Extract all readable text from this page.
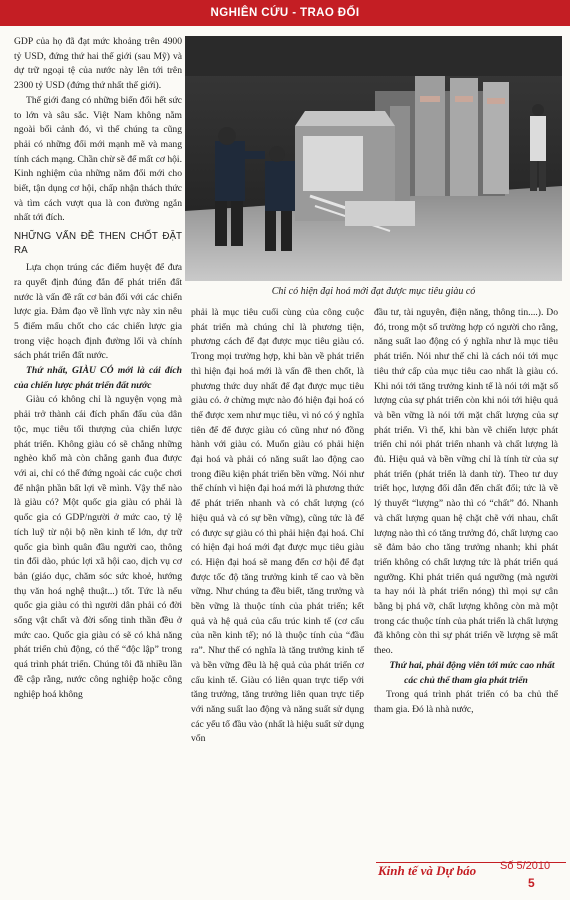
NGHIÊN CỨU - TRAO ĐỔI

GDP của họ đã đạt mức khoảng trên 4900 tỷ USD, đứng thứ hai thế giới (sau Mỹ) và dự trữ ngoại tệ của nước này lên tới trên 2300 tỷ USD (đứng thứ nhất thế giới).

Thế giới đang có những biến đổi hết sức to lớn và sâu sắc. Việt Nam không nằm ngoài bối cảnh đó, vì thế chúng ta cũng phải có những đổi mới mạnh mẽ và mang tính cách mạng. Chần chừ sẽ để mất cơ hội. Kinh nghiệm của những năm đổi mới cho biết, tận dụng cơ hội, chấp nhận thách thức và tìm cách vượt qua là con đường ngắn nhất tới đích.

NHỮNG VẤN ĐỀ THEN CHỐT ĐẶT RA

Lựa chọn trúng các điểm huyệt để đưa ra quyết định đúng đắn để phát triển đất nước là vấn đề rất cơ bản đối với các chiến lược gia. Đảm đạo về lĩnh vực này xin nêu 5 điểm mấu chốt cho các chiến lược gia trong việc hoạch định đường lối và chính sách phát triển đất nước.

Thứ nhất, GIÀU CÓ mới là cái đích của chiến lược phát triển đất nước

Giàu có không chỉ là nguyện vọng mà phải trở thành cái đích phấn đấu của dân tộc, mục tiêu tối thượng của chiến lược phát triển. Không giàu có sẽ chẳng những nghèo khổ mà còn chẳng ganh đua được với ai, chỉ có thể đứng ngoài các cuộc chơi để nhận phần bất lợi về mình. Vậy thế nào là giàu có? Một quốc gia giàu có phải là quốc gia có GDP/người ở mức cao, tỷ lệ tích luỹ từ nội bộ nền kinh tế lớn, dự trữ quốc gia bình quân đầu người cao, thông tin đối dào, phúc lợi xã hội cao, dịch vụ cơ bản (giáo dục, chăm sóc sức khoẻ, hướng thụ văn hoá nghệ thuật...) tốt. Tức là nếu quốc gia giàu có thì người dân phải có đời sống vật chất và đời sống tinh thần đều ở mức cao. Quốc gia giàu có sẽ có khả năng phát triển chủ động, có thể “độc lập” trong quá trình phát triển. Chúng tôi đã nhiều lần đề cập rằng, nước công nghiệp hoặc công nghiệp hoá không

Chỉ có hiện đại hoá mới đạt được mục tiêu giàu có

phải là mục tiêu cuối cùng của công cuộc phát triển mà chúng chỉ là phương tiện, phương cách để đạt được mục tiêu giàu có. Trong mọi trường hợp, khi bàn về phát triển thì hiện đại hoá mới là vấn đề then chốt, là phương thức duy nhất để đạt được mục tiêu giàu có. ở chừng mực nào đó hiện đại hoá có thể được xem như mục tiêu, vì nó có ý nghĩa tiên để để được giàu có cũng như nó đồng hành với giàu có. Muốn giàu có phải hiện đại hoá và phải có năng suất lao động cao trong điều kiện phát triển bền vững. Nói như thế chính vì hiện đại hoá mới là phương thức để phát triển nhanh và có chất lượng (có hiệu quả và có sự bền vững), cũng tức là để có được sự giàu có thì phải hiện đại hoá. Chỉ có hiện đại hoá mới đạt được mục tiêu giàu có. Hiện đại hoá sẽ mang đến cơ hội để đạt được tốc độ tăng trưởng kinh tế cao và bền vững. Như chúng ta đều biết, tăng trưởng và bền vững là thuộc tính của phát triển; kết quả và hệ quả của cấu trúc kinh tế (cơ cấu của nền kinh tế); nó là thuộc tính của “đầu ra”. Như thế có nghĩa là tăng trưởng kinh tế và bền vững đều là hệ quả của phát triển cơ cấu kinh tế. Giàu có liên quan trực tiếp với tăng trưởng, tăng trưởng liên quan trực tiếp với năng suất lao động và năng suất sử dụng các yếu tố đầu vào (nhất là hiệu suất sử dụng vốn

đầu tư, tài nguyên, điện năng, thông tin....). Do đó, trong một số trường hợp có người cho rằng, năng suất lao động có ý nghĩa như là mục tiêu phát triển. Nói như thế chỉ là cách nói tới mục tiêu thứ cấp của mục tiêu cao nhất là giàu có. Khi nói tới tăng trưởng kinh tế là nói tới mặt số lượng của sự phát triển còn khi nói tới hiệu quả và bền vững là nói tới mặt chất lượng của sự phát triển. Vì thế, khi bàn về chiến lược phát triển chỉ nói phát triển nhanh và chất lượng là đủ. Hiệu quả và bền vững chỉ là tính từ của sự phát triển (phát triển là danh từ). Theo tư duy triết học, lượng đổi dẫn đến chất đổi; tức là về lý thuyết “lượng” nào thì có “chất” đó. Nhanh và chất lượng quan hệ chặt chẽ với nhau, chất lượng nào thì có tăng trưởng đó, chất lượng cao sẽ đảm bảo cho tăng trưởng nhanh; khi phát triển không có chất lượng tức là phát triển quá ngưỡng. Khi phát triển quá ngưỡng (mà người ta hay nói là phát triển nóng) thì mọi sự cân bằng bị phá vỡ, chất lượng không còn mà một trong các thuộc tính của phát triển là chất lượng đã không còn thì sự phát triển về lượng sẽ mất theo.

Thứ hai, phải động viên tới mức cao nhất các chủ thể tham gia phát triển

Trong quá trình phát triển có ba chủ thể tham gia. Đó là nhà nước,

Kinh tế và Dự báo Số 5/2010
5
